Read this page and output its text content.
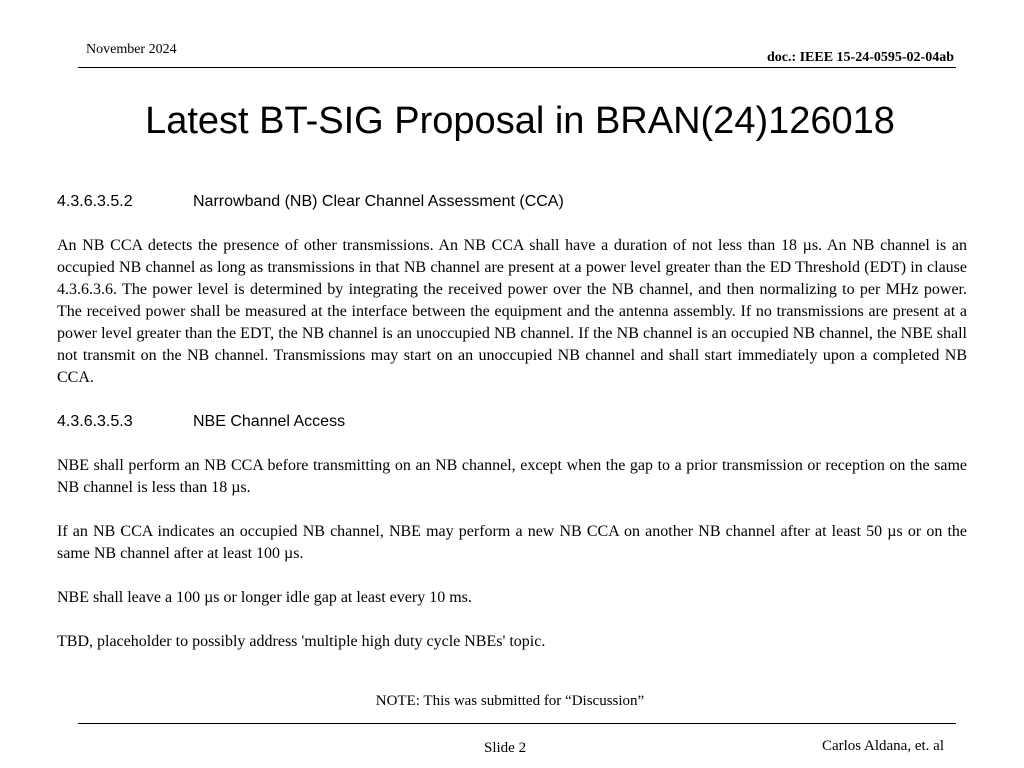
November 2024
doc.: IEEE 15-24-0595-02-04ab
Latest BT-SIG Proposal in BRAN(24)126018

4.3.6.3.5.2	Narrowband (NB) Clear Channel Assessment (CCA)

An NB CCA detects the presence of other transmissions. An NB CCA shall have a duration of not less than 18 µs. An NB channel is an occupied NB channel as long as transmissions in that NB channel are present at a power level greater than the ED Threshold (EDT) in clause 4.3.6.3.6. The power level is determined by integrating the received power over the NB channel, and then normalizing to per MHz power. The received power shall be measured at the interface between the equipment and the antenna assembly. If no transmissions are present at a power level greater than the EDT, the NB channel is an unoccupied NB channel. If the NB channel is an occupied NB channel, the NBE shall not transmit on the NB channel. Transmissions may start on an unoccupied NB channel and shall start immediately upon a completed NB CCA.

4.3.6.3.5.3	NBE Channel Access

NBE shall perform an NB CCA before transmitting on an NB channel, except when the gap to a prior transmission or reception on the same NB channel is less than 18 µs.

If an NB CCA indicates an occupied NB channel, NBE may perform a new NB CCA on another NB channel after at least 50 µs or on the same NB channel after at least 100 µs.

NBE shall leave a 100 µs or longer idle gap at least every 10 ms.

TBD, placeholder to possibly address 'multiple high duty cycle NBEs' topic.

NOTE: This was submitted for “Discussion”
Slide 2	Carlos Aldana, et. al
